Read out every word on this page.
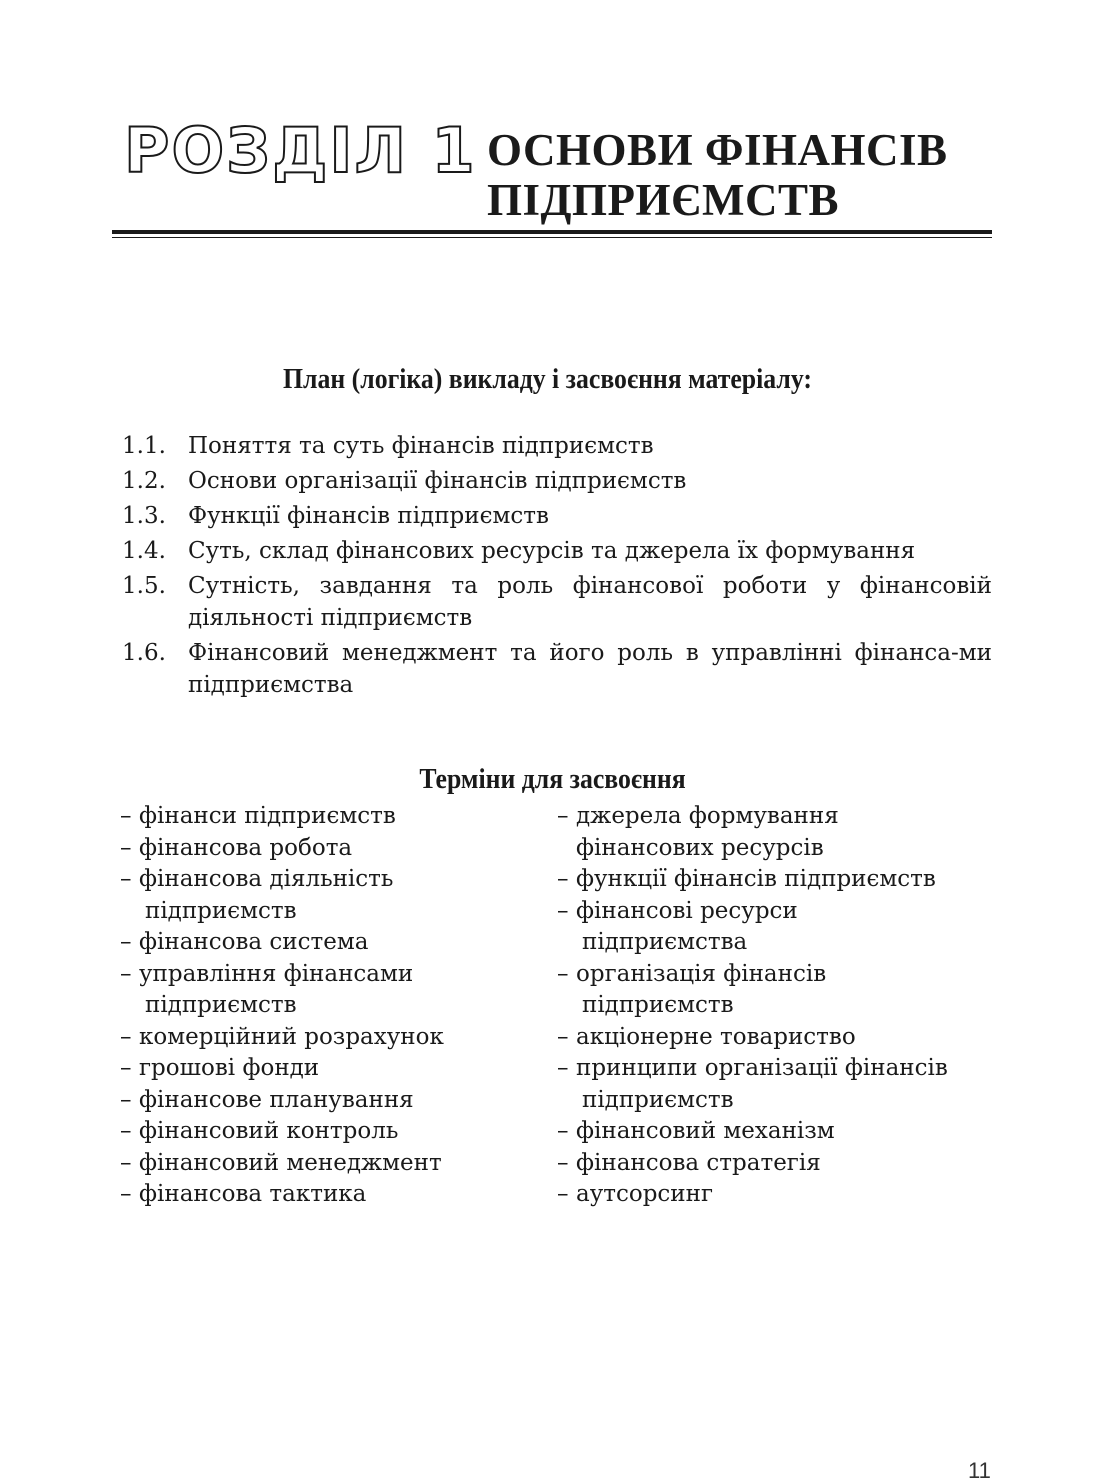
РОЗДІЛ 1 ОСНОВИ ФІНАНСІВ
ПІДПРИЄМСТВ
План (логіка) викладу і засвоєння матеріалу:
1.1. Поняття та суть фінансів підприємств
1.2. Основи організації фінансів підприємств
1.3. Функції фінансів підприємств
1.4. Суть, склад фінансових ресурсів та джерела їх формування
1.5. Сутність, завдання та роль фінансової роботи у фінансовій діяльності підприємств
1.6. Фінансовий менеджмент та його роль в управлінні фінанса-ми підприємства
Терміни для засвоєння
– фінанси підприємств
– фінансова робота
– фінансова діяльність
підприємств
– фінансова система
– управління фінансами
підприємств
– комерційний розрахунок
– грошові фонди
– фінансове планування
– фінансовий контроль
– фінансовий менеджмент
– фінансова тактика
– джерела формування
фінансових ресурсів
– функції фінансів підприємств
– фінансові ресурси
підприємства
– організація фінансів
підприємств
– акціонерне товариство
– принципи організації фінансів
підприємств
– фінансовий механізм
– фінансова стратегія
– аутсорсинг
11
